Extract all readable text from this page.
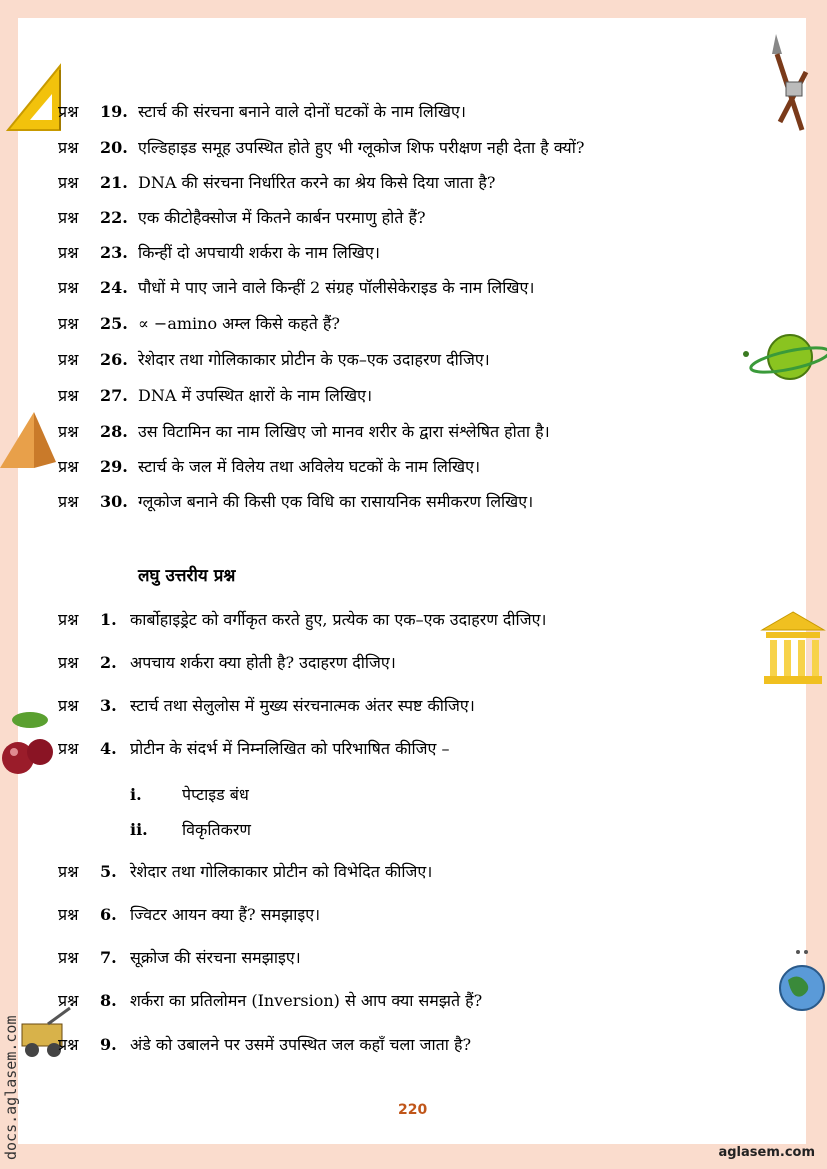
प्रश्न 19. स्टार्च की संरचना बनाने वाले दोनों घटकों के नाम लिखिए।
प्रश्न 20. एल्डिहाइड समूह उपस्थित होते हुए भी ग्लूकोज शिफ परीक्षण नही देता है क्यों?
प्रश्न 21. DNA की संरचना निर्धारित करने का श्रेय किसे दिया जाता है?
प्रश्न 22. एक कीटोहैक्सोज में कितने कार्बन परमाणु होते हैं?
प्रश्न 23. किन्हीं दो अपचायी शर्करा के नाम लिखिए।
प्रश्न 24. पौधों मे पाए जाने वाले किन्हीं 2 संग्रह पॉलीसेकेराइड के नाम लिखिए।
प्रश्न 25. ∝ −amino अम्ल किसे कहते हैं?
प्रश्न 26. रेशेदार तथा गोलिकाकार प्रोटीन के एक–एक उदाहरण दीजिए।
प्रश्न 27. DNA में उपस्थित क्षारों के नाम लिखिए।
प्रश्न 28. उस विटामिन का नाम लिखिए जो मानव शरीर के द्वारा संश्लेषित होता है।
प्रश्न 29. स्टार्च के जल में विलेय तथा अविलेय घटकों के नाम लिखिए।
प्रश्न 30. ग्लूकोज बनाने की किसी एक विधि का रासायनिक समीकरण लिखिए।
लघु उत्तरीय प्रश्न
प्रश्न 1. कार्बोहाइड्रेट को वर्गीकृत करते हुए, प्रत्येक का एक–एक उदाहरण दीजिए।
प्रश्न 2. अपचाय शर्करा क्या होती है? उदाहरण दीजिए।
प्रश्न 3. स्टार्च तथा सेलुलोस में मुख्य संरचनात्मक अंतर स्पष्ट कीजिए।
प्रश्न 4. प्रोटीन के संदर्भ में निम्नलिखित को परिभाषित कीजिए –
i.	पेप्टाइड बंध
ii. विकृतिकरण
प्रश्न 5. रेशेदार तथा गोलिकाकार प्रोटीन को विभेदित कीजिए।
प्रश्न 6. ज्विटर आयन क्या हैं? समझाइए।
प्रश्न 7. सूक्रोज की संरचना समझाइए।
प्रश्न 8. शर्करा का प्रतिलोमन (Inversion) से आप क्या समझते हैं?
प्रश्न 9. अंडे को उबालने पर उसमें उपस्थित जल कहाँ चला जाता है?
220
aglasem.com
docs.aglasem.com
